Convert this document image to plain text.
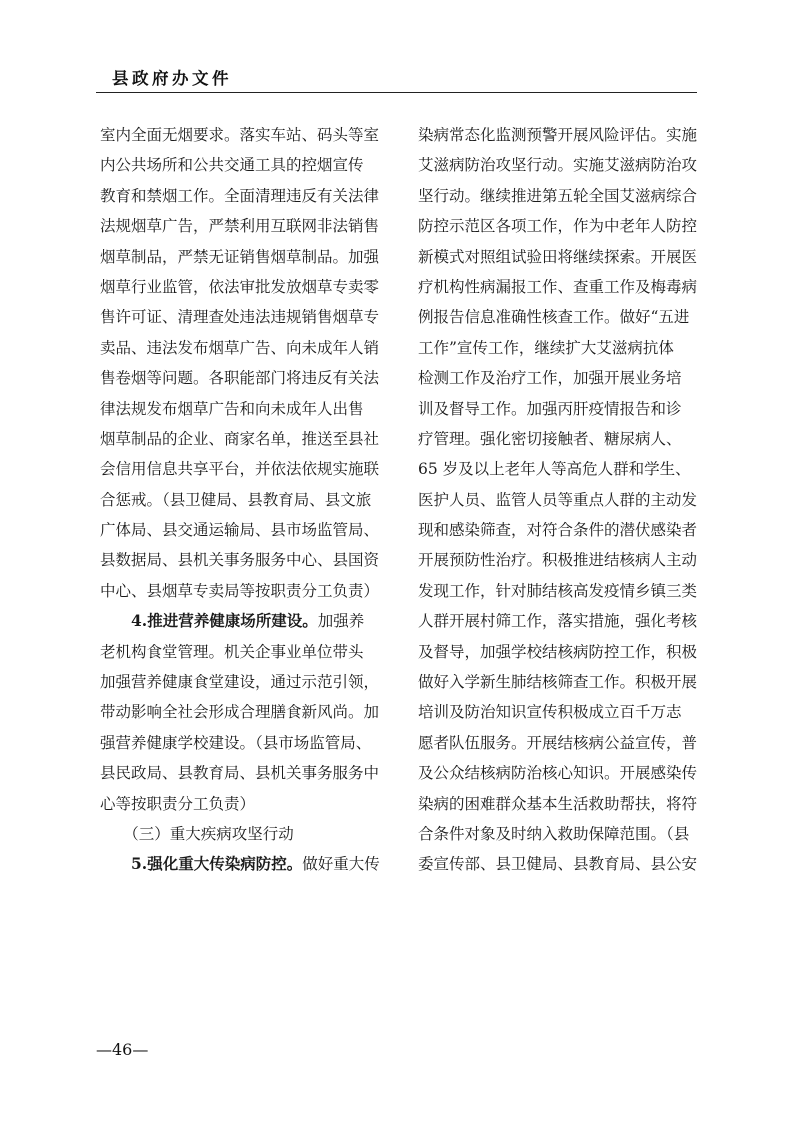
县政府办文件
室内全面无烟要求。落实车站、码头等室
内公共场所和公共交通工具的控烟宣传
教育和禁烟工作。全面清理违反有关法律
法规烟草广告，严禁利用互联网非法销售
烟草制品，严禁无证销售烟草制品。加强
烟草行业监管，依法审批发放烟草专卖零
售许可证、清理查处违法违规销售烟草专
卖品、违法发布烟草广告、向未成年人销
售卷烟等问题。各职能部门将违反有关法
律法规发布烟草广告和向未成年人出售
烟草制品的企业、商家名单，推送至县社
会信用信息共享平台，并依法依规实施联
合惩戒。（县卫健局、县教育局、县文旅
广体局、县交通运输局、县市场监管局、
县数据局、县机关事务服务中心、县国资
中心、县烟草专卖局等按职责分工负责）
　　4.推进营养健康场所建设。加强养
老机构食堂管理。机关企事业单位带头
加强营养健康食堂建设，通过示范引领，
带动影响全社会形成合理膳食新风尚。加
强营养健康学校建设。（县市场监管局、
县民政局、县教育局、县机关事务服务中
心等按职责分工负责）
　　（三）重大疾病攻坚行动
　　5.强化重大传染病防控。做好重大传
染病常态化监测预警开展风险评估。实施
艾滋病防治攻坚行动。实施艾滋病防治攻
坚行动。继续推进第五轮全国艾滋病综合
防控示范区各项工作，作为中老年人防控
新模式对照组试验田将继续探索。开展医
疗机构性病漏报工作、查重工作及梅毒病
例报告信息准确性核查工作。做好“五进
工作”宣传工作，继续扩大艾滋病抗体
检测工作及治疗工作，加强开展业务培
训及督导工作。加强丙肝疫情报告和诊
疗管理。强化密切接触者、糖尿病人、
65 岁及以上老年人等高危人群和学生、
医护人员、监管人员等重点人群的主动发
现和感染筛查，对符合条件的潜伏感染者
开展预防性治疗。积极推进结核病人主动
发现工作，针对肺结核高发疫情乡镇三类
人群开展村筛工作，落实措施，强化考核
及督导，加强学校结核病防控工作，积极
做好入学新生肺结核筛查工作。积极开展
培训及防治知识宣传积极成立百千万志
愿者队伍服务。开展结核病公益宣传，普
及公众结核病防治核心知识。开展感染传
染病的困难群众基本生活救助帮扶，将符
合条件对象及时纳入救助保障范围。（县
委宣传部、县卫健局、县教育局、县公安
—46—
